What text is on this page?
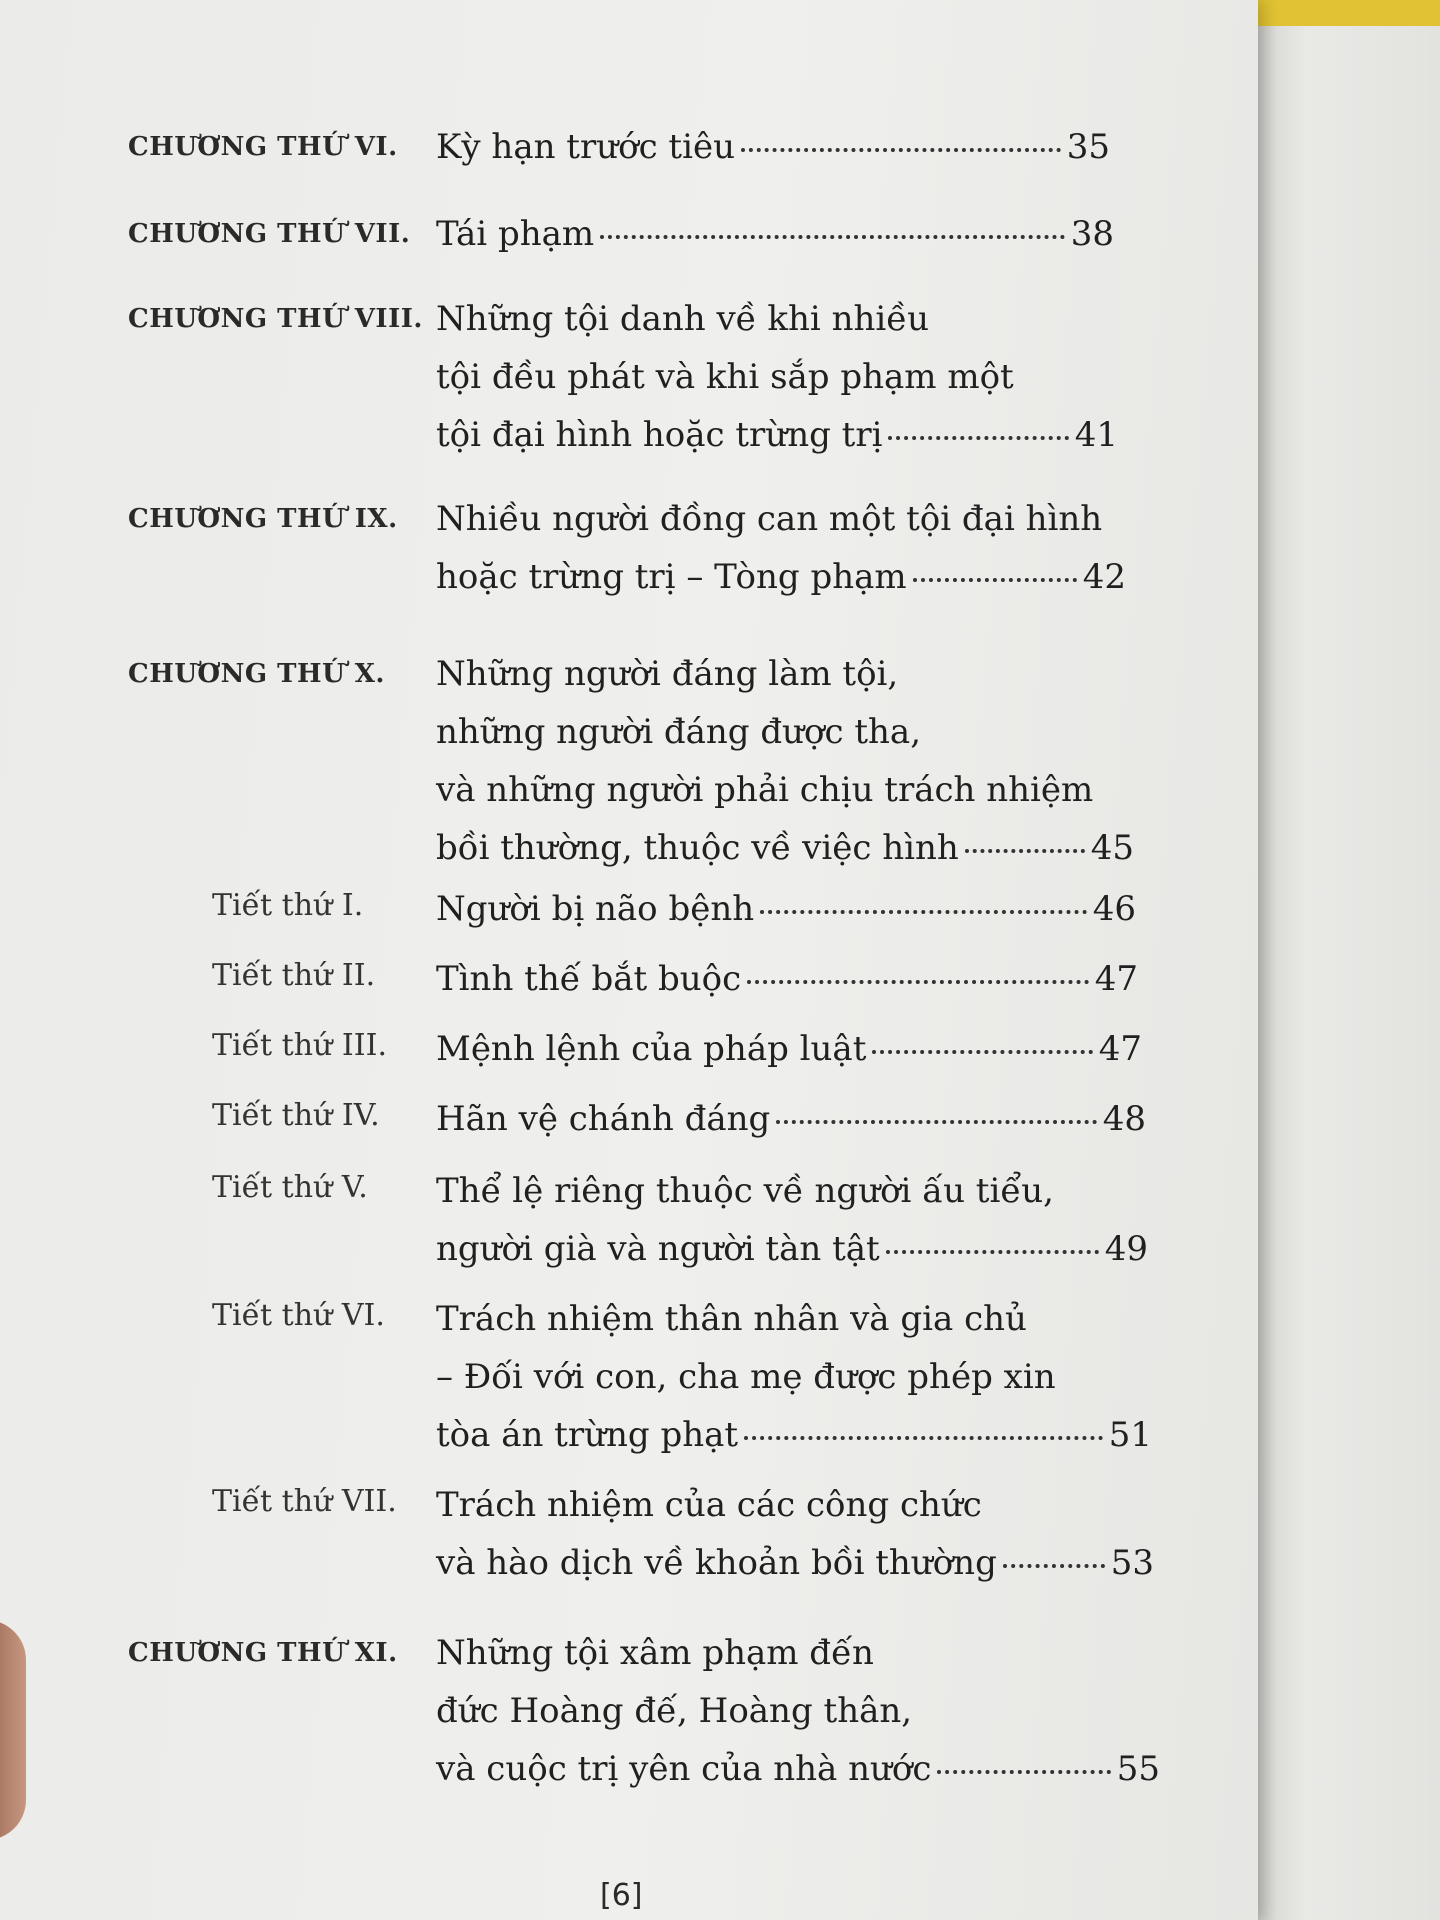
CHƯƠNG THỨ VI. Kỳ hạn trước tiêu	35
CHƯƠNG THỨ VII. Tái phạm	38
CHƯƠNG THỨ VIII. Những tội danh về khi nhiều
tội đều phát và khi sắp phạm một
tội đại hình hoặc trừng trị	41
CHƯƠNG THỨ IX. Nhiều người đồng can một tội đại hình
hoặc trừng trị – Tòng phạm	42
CHƯƠNG THỨ X. Những người đáng làm tội,
những người đáng được tha,
và những người phải chịu trách nhiệm
bồi thường, thuộc về việc hình	45
Tiết thứ I. Người bị não bệnh	46
Tiết thứ II. Tình thế bắt buộc	47
Tiết thứ III. Mệnh lệnh của pháp luật	47
Tiết thứ IV. Hãn vệ chánh đáng	48
Tiết thứ V. Thể lệ riêng thuộc về người ấu tiểu,
người già và người tàn tật	49
Tiết thứ VI. Trách nhiệm thân nhân và gia chủ
– Đối với con, cha mẹ được phép xin
tòa án trừng phạt	51
Tiết thứ VII. Trách nhiệm của các công chức
và hào dịch về khoản bồi thường	53
CHƯƠNG THỨ XI. Những tội xâm phạm đến
đức Hoàng đế, Hoàng thân,
và cuộc trị yên của nhà nước	55
[6]
